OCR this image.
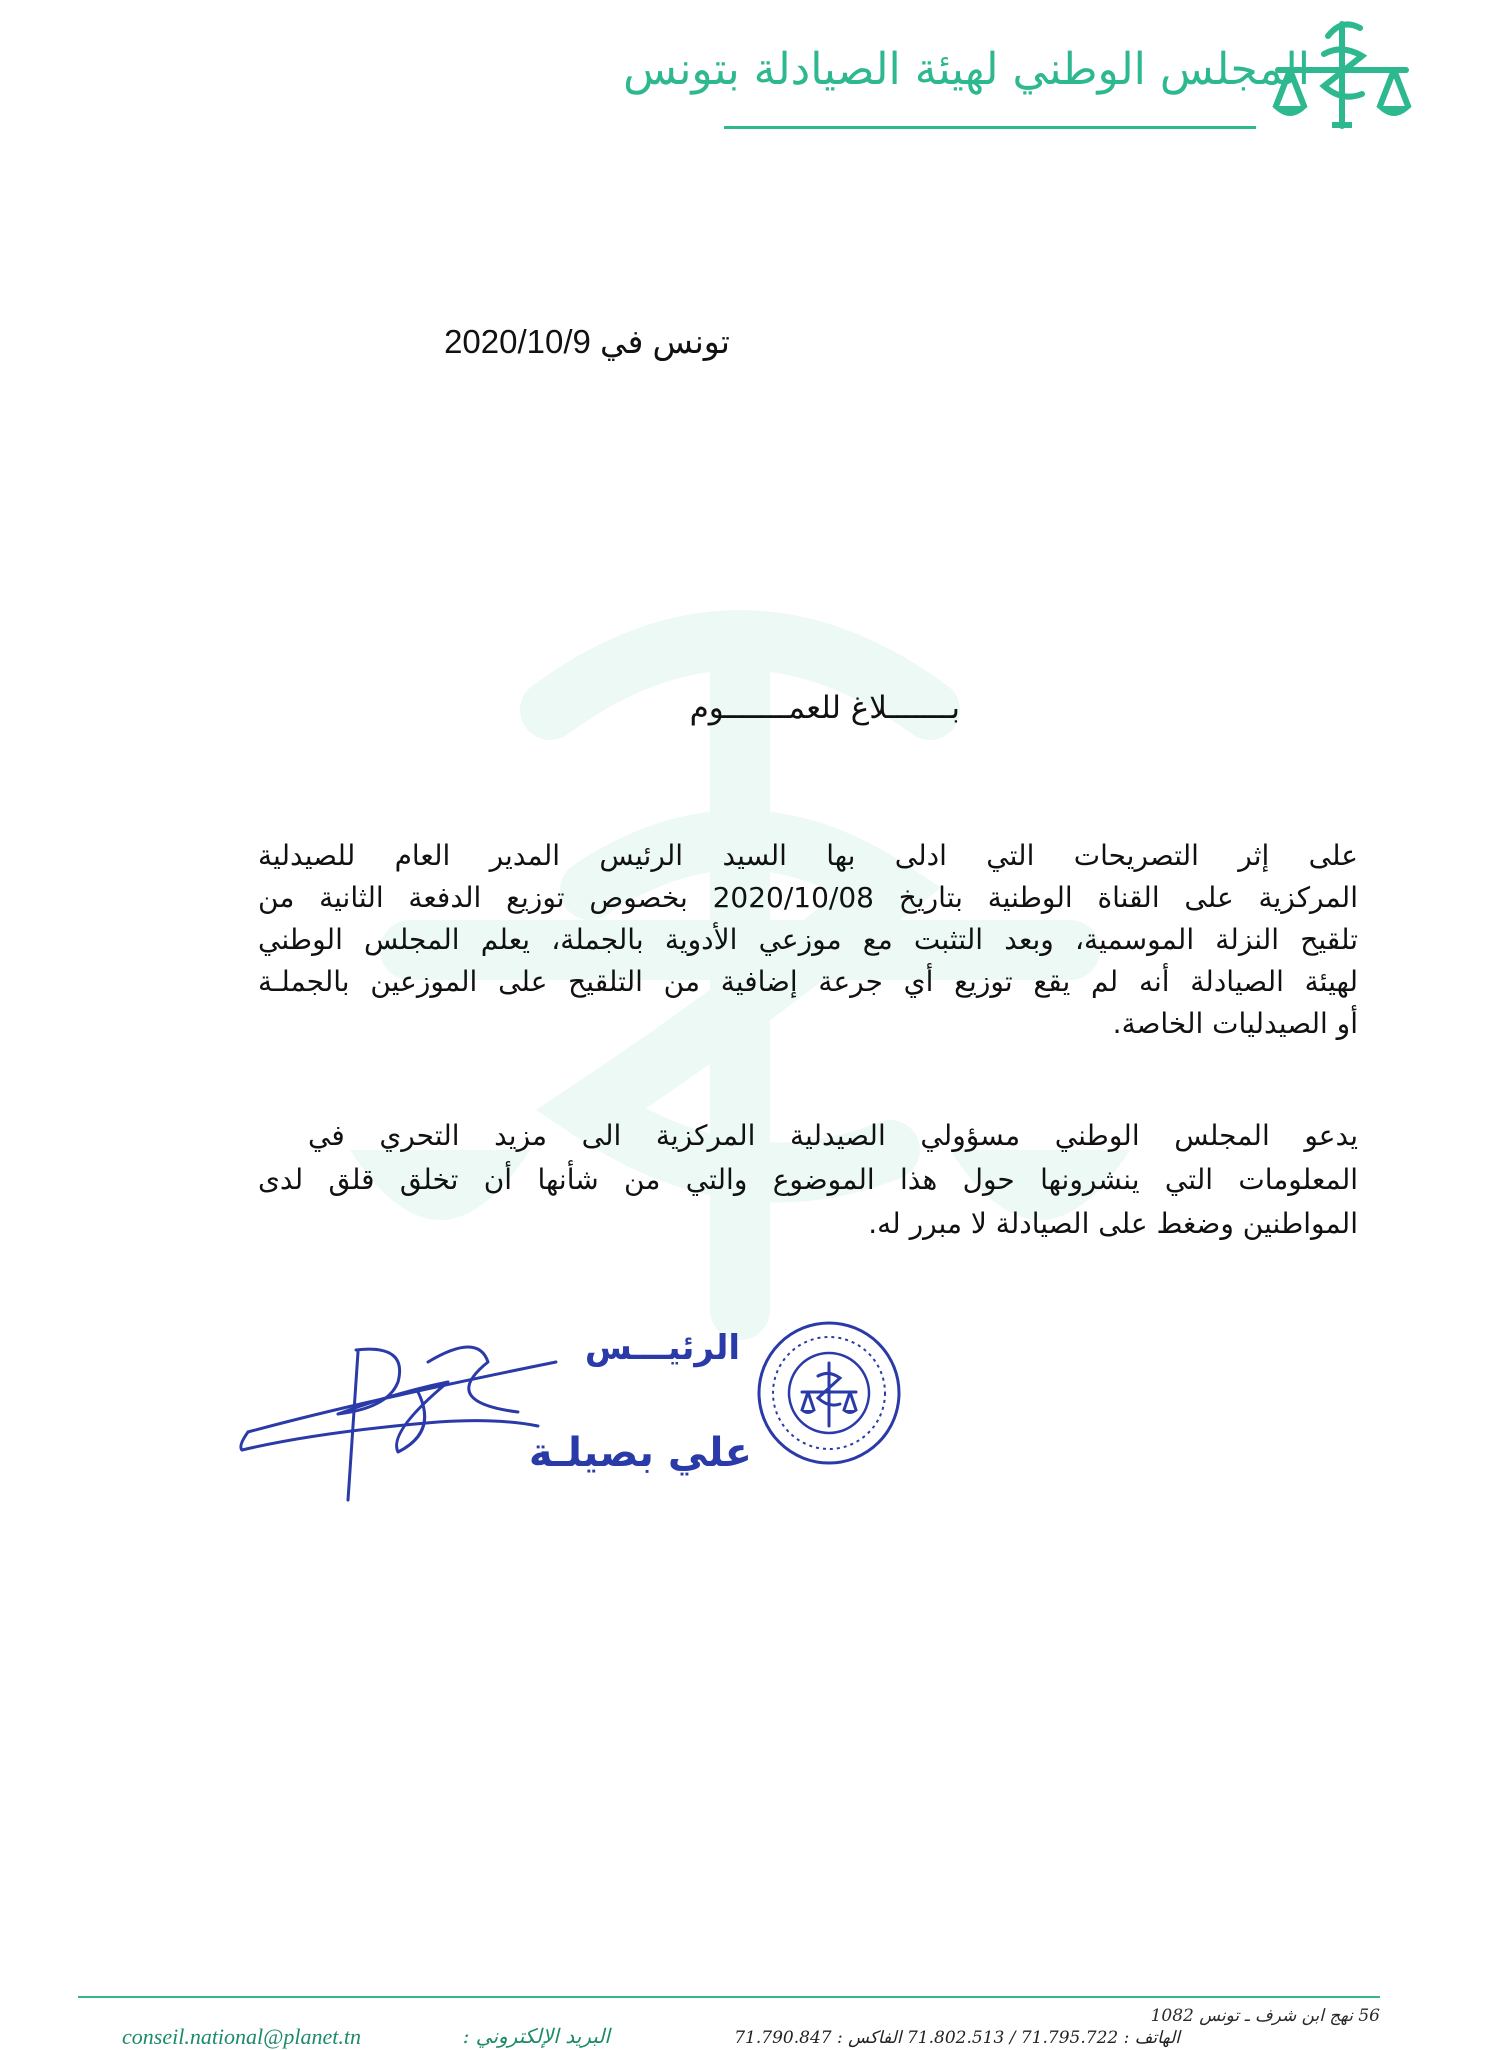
المجلس الوطني لهيئة الصيادلة بتونس
تونس في 2020/10/9
بـــــــلاغ للعمـــــــوم
على إثر التصريحات التي ادلى بها السيد الرئيس المدير العام للصيدلية
المركزية على القناة الوطنية بتاريخ 2020/10/08 بخصوص توزيع الدفعة الثانية من
تلقيح النزلة الموسمية، وبعد التثبت مع موزعي الأدوية بالجملة، يعلم المجلس الوطني
لهيئة الصيادلة أنه لم يقع توزيع أي جرعة إضافية من التلقيح على الموزعين بالجملـة
أو الصيدليات الخاصة.
يدعو المجلس الوطني مسؤولي الصيدلية المركزية الى مزيد التحري في
المعلومات التي ينشرونها حول هذا الموضوع والتي من شأنها أن تخلق قلق لدى
المواطنين وضغط على الصيادلة لا مبرر له.
الرئيـــس
علي بصيلـة
56 نهج ابن شرف ـ تونس 1082
الهاتف : 71.795.722 / 71.802.513 الفاكس : 71.790.847
البريد الإلكتروني :
conseil.national@planet.tn
